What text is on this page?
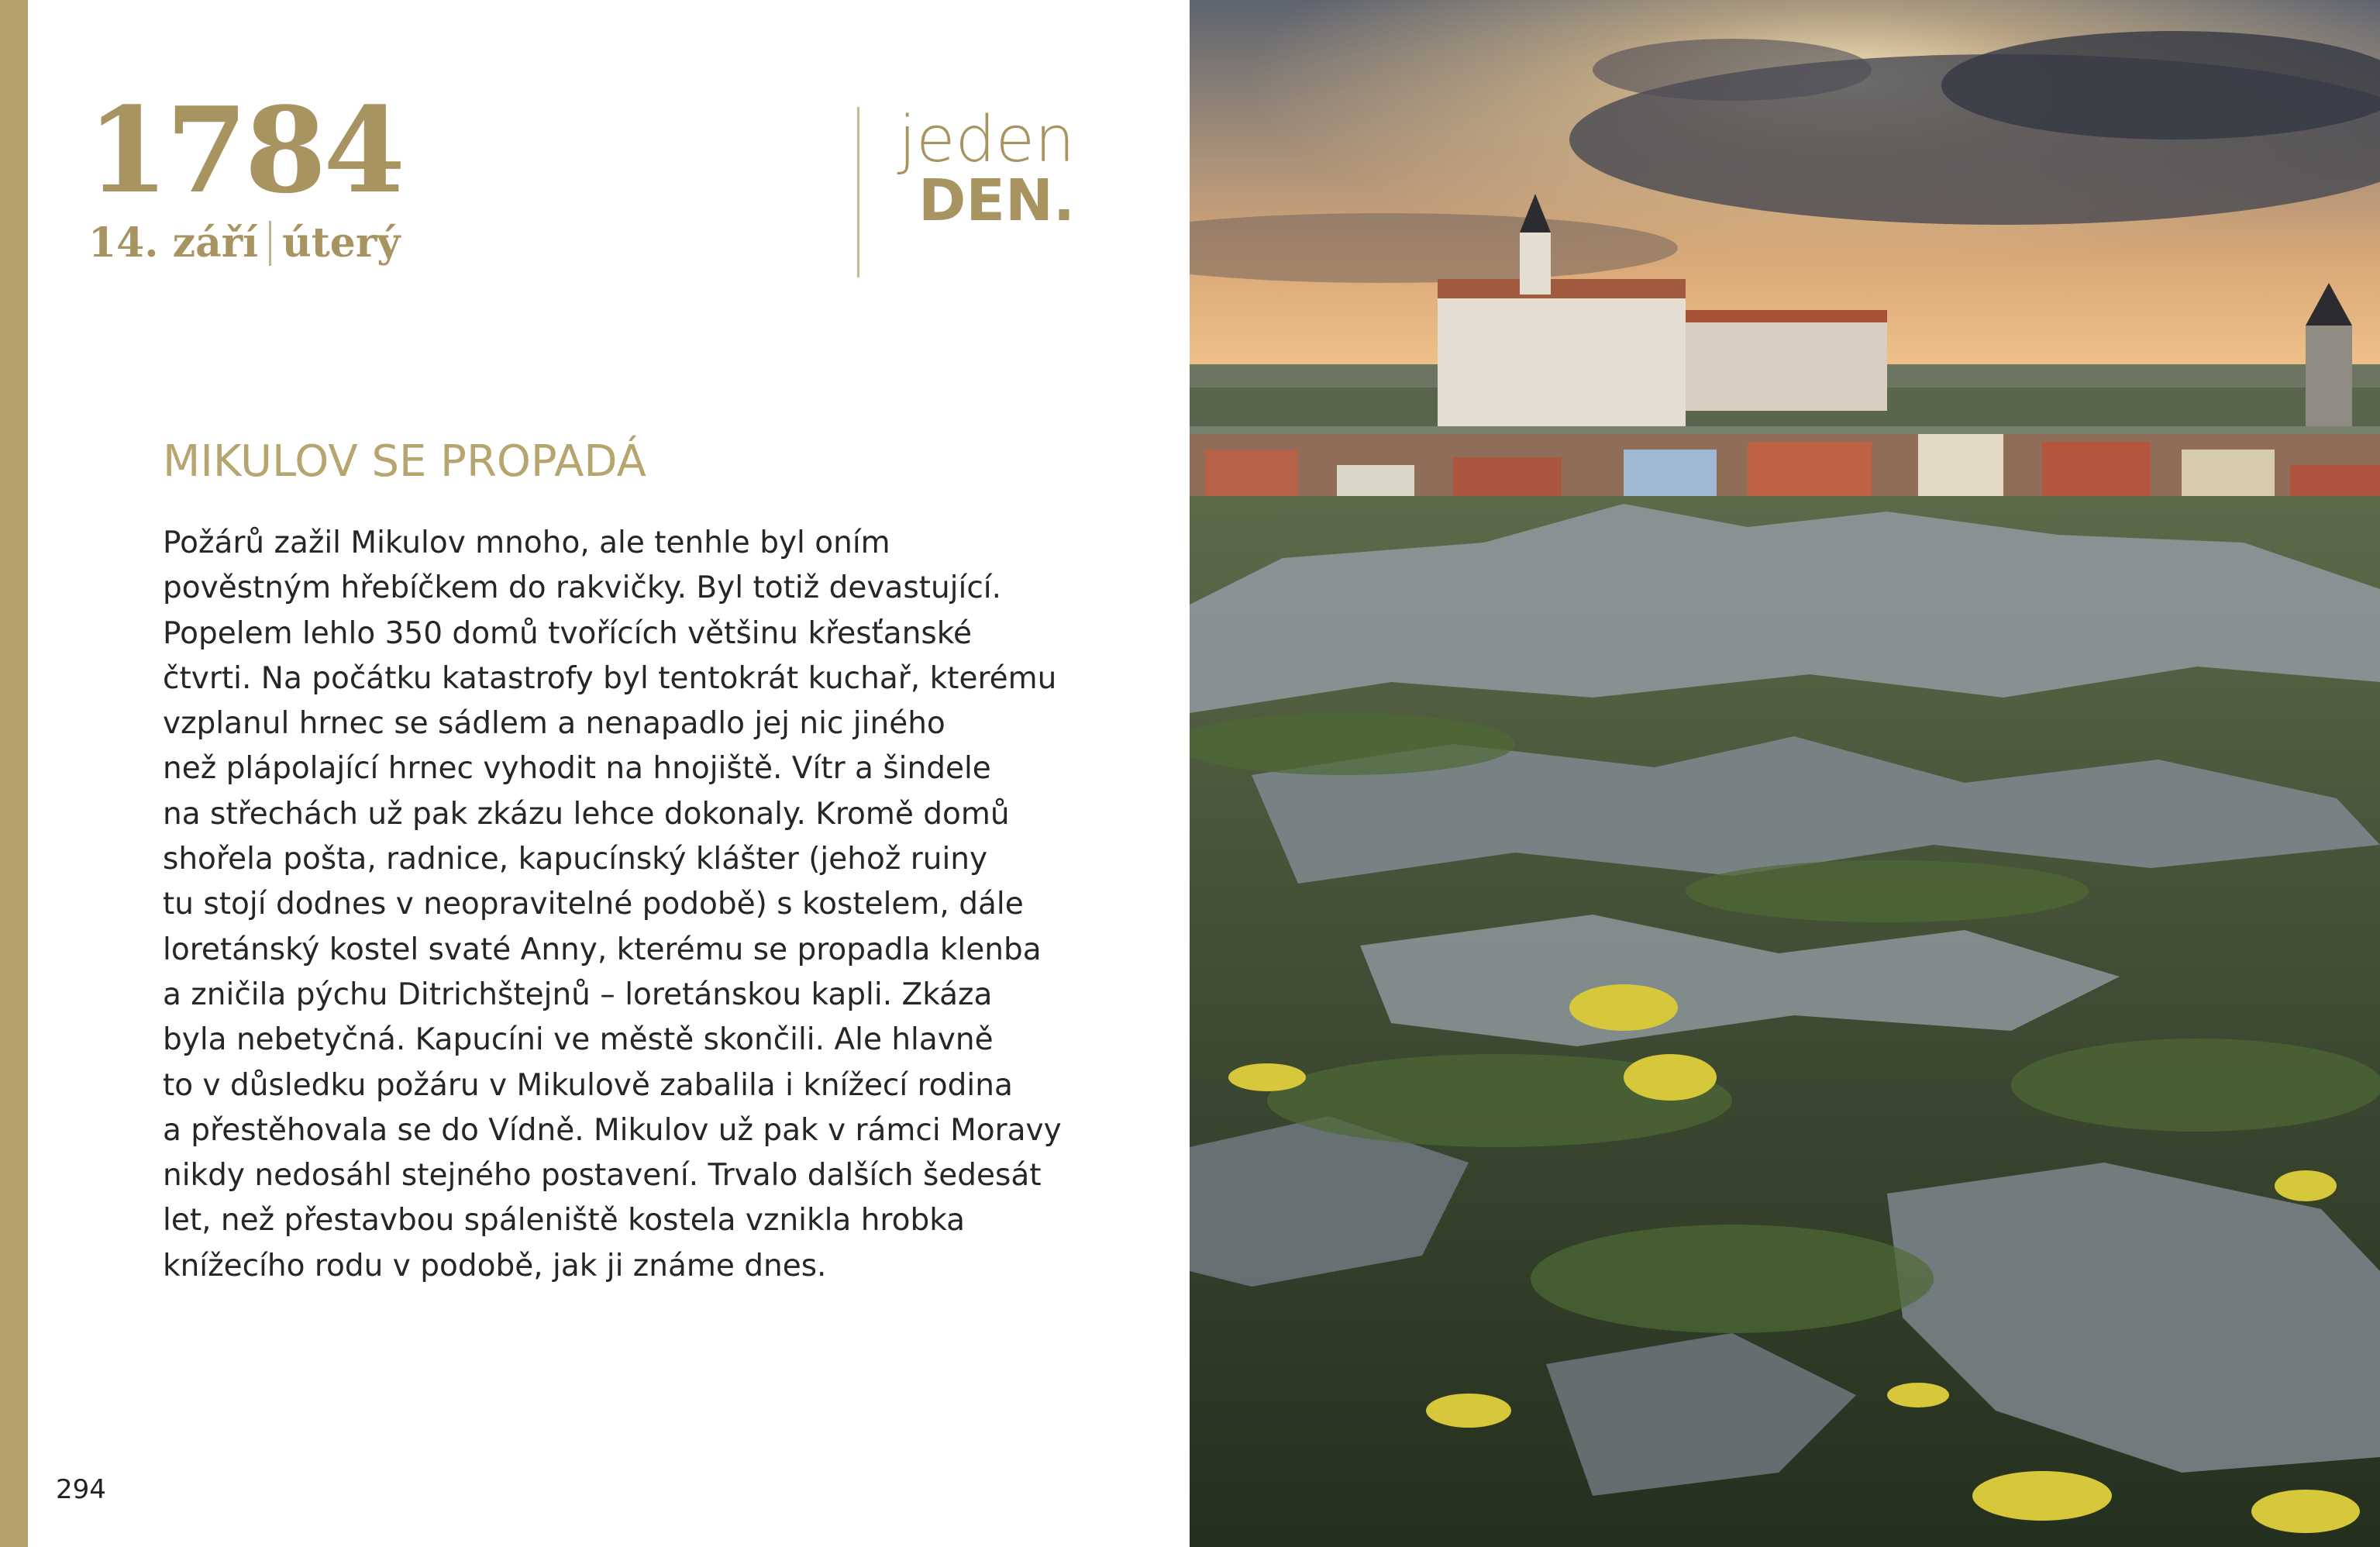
1784
14. září úterý
jeden
DEN.
MIKULOV SE PROPADÁ
Požárů zažil Mikulov mnoho, ale tenhle byl oním
pověstným hřebíčkem do rakvičky. Byl totiž devastující.
Popelem lehlo 350 domů tvořících většinu křesťanské
čtvrti. Na počátku katastrofy byl tentokrát kuchař, kterému
vzplanul hrnec se sádlem a nenapadlo jej nic jiného
než plápolající hrnec vyhodit na hnojiště. Vítr a šindele
na střechách už pak zkázu lehce dokonaly. Kromě domů
shořela pošta, radnice, kapucínský klášter (jehož ruiny
tu stojí dodnes v neopravitelné podobě) s kostelem, dále
loretánský kostel svaté Anny, kterému se propadla klenba
a zničila pýchu Ditrichštejnů – loretánskou kapli. Zkáza
byla nebetyčná. Kapucíni ve městě skončili. Ale hlavně
to v důsledku požáru v Mikulově zabalila i knížecí rodina
a přestěhovala se do Vídně. Mikulov už pak v rámci Moravy
nikdy nedosáhl stejného postavení. Trvalo dalších šedesát
let, než přestavbou spáleniště kostela vznikla hrobka
knížecího rodu v podobě, jak ji známe dnes.
294
